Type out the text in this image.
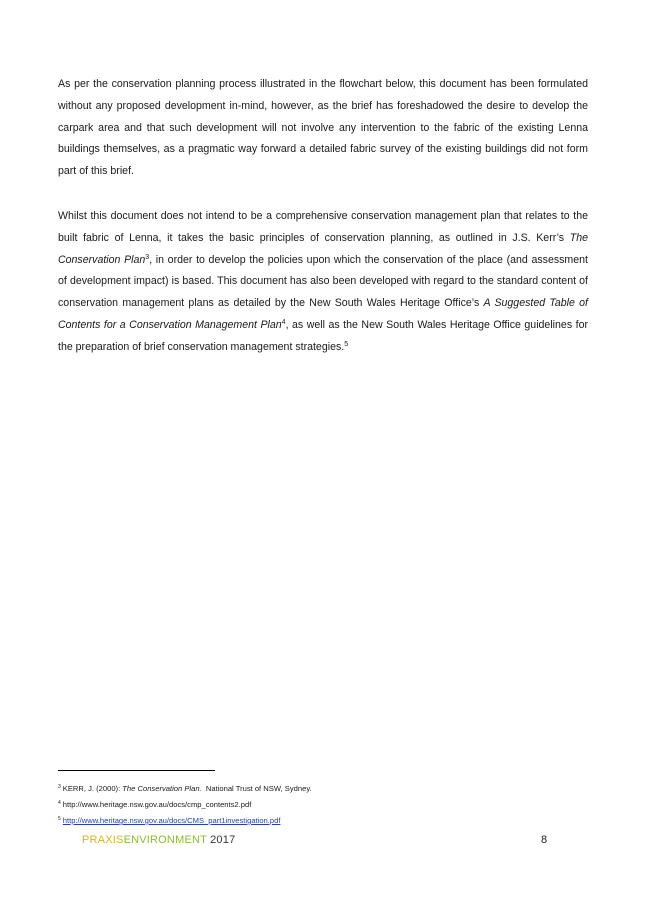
As per the conservation planning process illustrated in the flowchart below, this document has been formulated without any proposed development in-mind, however, as the brief has foreshadowed the desire to develop the carpark area and that such development will not involve any intervention to the fabric of the existing Lenna buildings themselves, as a pragmatic way forward a detailed fabric survey of the existing buildings did not form part of this brief.

Whilst this document does not intend to be a comprehensive conservation management plan that relates to the built fabric of Lenna, it takes the basic principles of conservation planning, as outlined in J.S. Kerr’s The Conservation Plan$^3$, in order to develop the policies upon which the conservation of the place (and assessment of development impact) is based. This document has also been developed with regard to the standard content of conservation management plans as detailed by the New South Wales Heritage Office’s A Suggested Table of Contents for a Conservation Management Plan$^4$, as well as the New South Wales Heritage Office guidelines for the preparation of brief conservation management strategies.$^5$

$^3$ KERR, J. (2000): The Conservation Plan.  National Trust of NSW, Sydney.
$^4$ http://www.heritage.nsw.gov.au/docs/cmp_contents2.pdf
$^5$ http://www.heritage.nsw.gov.au/docs/CMS_part1investigation.pdf
PRAXISENVIRONMENT 2017	8
